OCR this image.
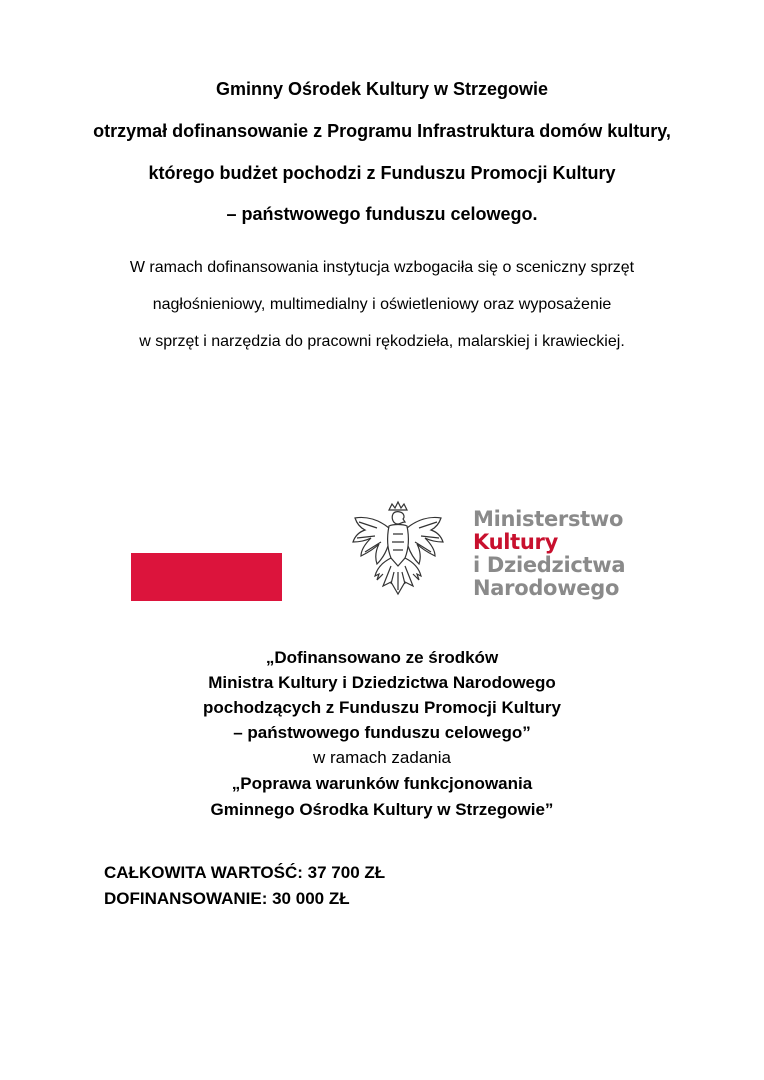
Gminny Ośrodek Kultury w Strzegowie
otrzymał dofinansowanie z Programu Infrastruktura domów kultury,
którego budżet pochodzi z Funduszu Promocji Kultury
– państwowego funduszu celowego.
W ramach dofinansowania instytucja wzbogaciła się o sceniczny sprzęt
nagłośnieniowy, multimedialny i oświetleniowy oraz wyposażenie
w sprzęt i narzędzia do pracowni rękodzieła, malarskiej i krawieckiej.
Ministerstwo
Kultury
i Dziedzictwa
Narodowego
„Dofinansowano ze środków
Ministra Kultury i Dziedzictwa Narodowego
pochodzących z Funduszu Promocji Kultury
– państwowego funduszu celowego”
w ramach zadania
„Poprawa warunków funkcjonowania
Gminnego Ośrodka Kultury w Strzegowie”
CAŁKOWITA WARTOŚĆ: 37 700 ZŁ
DOFINANSOWANIE: 30 000 ZŁ
